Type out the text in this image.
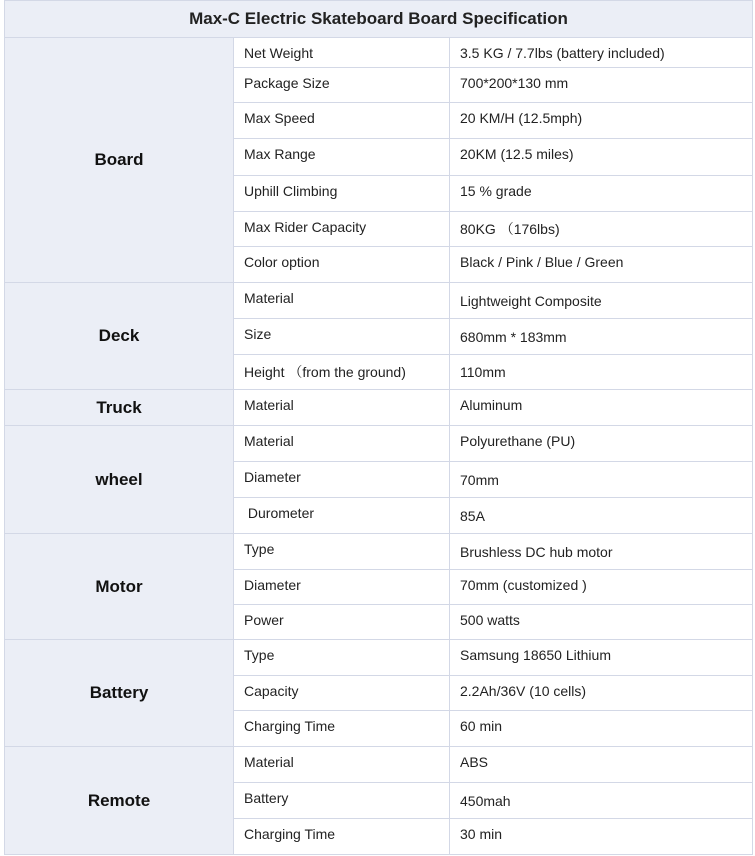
Max-C Electric Skateboard Board Specification		
Board	Net Weight	3.5 KG / 7.7lbs (battery included)
	Package Size	700*200*130 mm
	Max Speed	20 KM/H (12.5mph)
	Max Range	20KM (12.5 miles)
	Uphill Climbing	15 % grade
	Max Rider Capacity	80KG （176lbs)
	Color option	Black / Pink / Blue / Green
Deck	Material	Lightweight Composite
	Size	680mm * 183mm
	Height （from the ground)	110mm
Truck	Material	Aluminum
wheel	Material	Polyurethane (PU)
	Diameter	70mm
	Durometer	85A
Motor	Type	Brushless DC hub motor
	Diameter	70mm (customized )
	Power	500 watts
Battery	Type	Samsung 18650 Lithium
	Capacity	2.2Ah/36V (10 cells)
	Charging Time	60 min
Remote	Material	ABS
	Battery	450mah
	Charging Time	30 min
